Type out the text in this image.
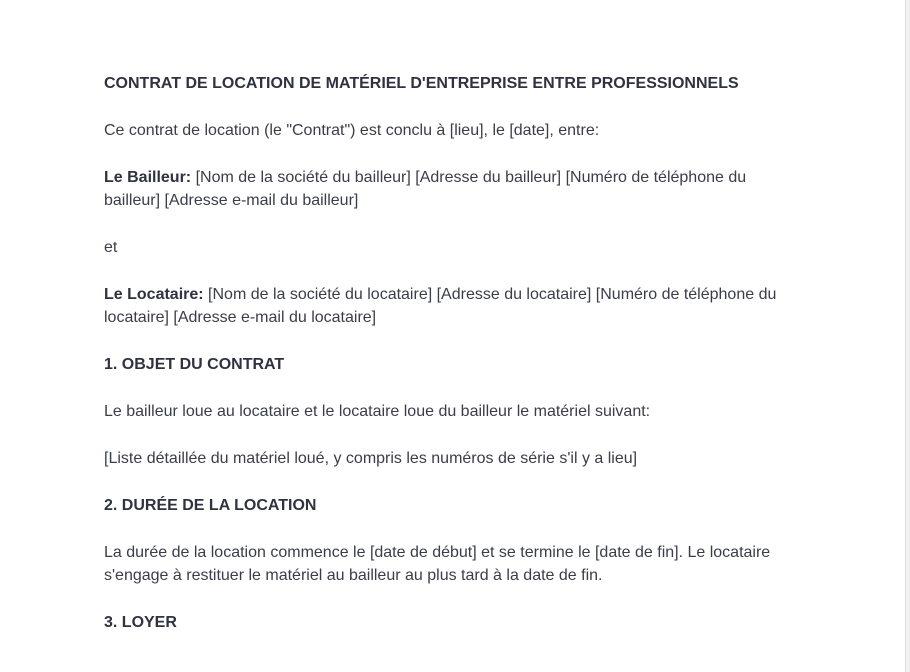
CONTRAT DE LOCATION DE MATÉRIEL D'ENTREPRISE ENTRE PROFESSIONNELS

Ce contrat de location (le "Contrat") est conclu à [lieu], le [date], entre:

Le Bailleur: [Nom de la société du bailleur] [Adresse du bailleur] [Numéro de téléphone du bailleur] [Adresse e-mail du bailleur]

et

Le Locataire: [Nom de la société du locataire] [Adresse du locataire] [Numéro de téléphone du locataire] [Adresse e-mail du locataire]

1. OBJET DU CONTRAT

Le bailleur loue au locataire et le locataire loue du bailleur le matériel suivant:

[Liste détaillée du matériel loué, y compris les numéros de série s'il y a lieu]

2. DURÉE DE LA LOCATION

La durée de la location commence le [date de début] et se termine le [date de fin]. Le locataire s'engage à restituer le matériel au bailleur au plus tard à la date de fin.

3. LOYER
